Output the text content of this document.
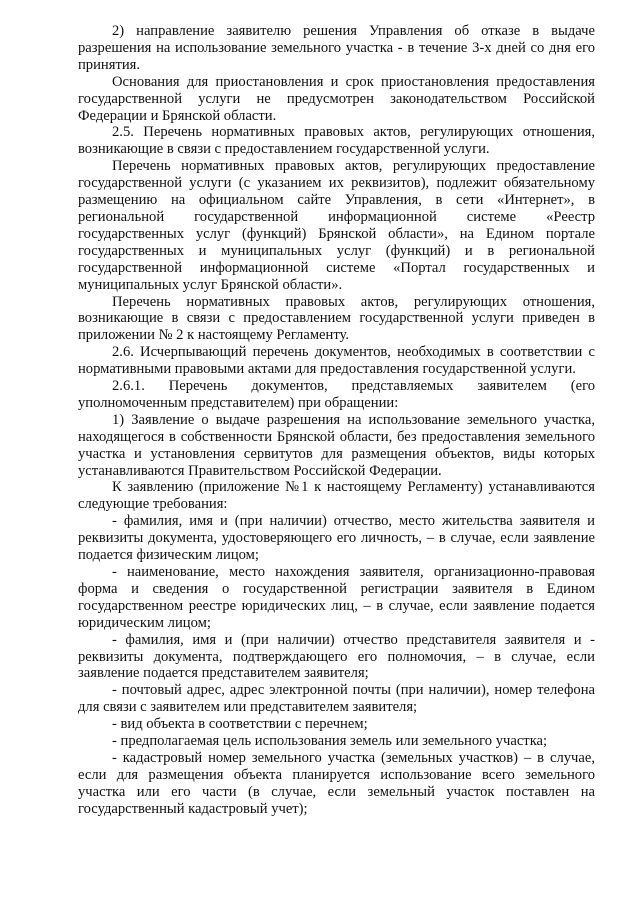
2) направление заявителю решения Управления об отказе в выдаче разрешения на использование земельного участка - в течение 3-х дней со дня его принятия.

Основания для приостановления и срок приостановления предоставления государственной услуги не предусмотрен законодательством Российской Федерации и Брянской области.

2.5. Перечень нормативных правовых актов, регулирующих отношения, возникающие в связи с предоставлением государственной услуги.

Перечень нормативных правовых актов, регулирующих предоставление государственной услуги (с указанием их реквизитов), подлежит обязательному размещению на официальном сайте Управления, в сети «Интернет», в региональной государственной информационной системе «Реестр государственных услуг (функций) Брянской области», на Едином портале государственных и муниципальных услуг (функций) и в региональной государственной информационной системе «Портал государственных и муниципальных услуг Брянской области».

Перечень нормативных правовых актов, регулирующих отношения, возникающие в связи с предоставлением государственной услуги приведен в приложении № 2 к настоящему Регламенту.

2.6. Исчерпывающий перечень документов, необходимых в соответствии с нормативными правовыми актами для предоставления государственной услуги.

2.6.1. Перечень документов, представляемых заявителем (его уполномоченным представителем) при обращении:

1) Заявление о выдаче разрешения на использование земельного участка, находящегося в собственности Брянской области, без предоставления земельного участка и установления сервитутов для размещения объектов, виды которых устанавливаются Правительством Российской Федерации.

К заявлению (приложение №1 к настоящему Регламенту) устанавливаются следующие требования:

- фамилия, имя и (при наличии) отчество, место жительства заявителя и реквизиты документа, удостоверяющего его личность, – в случае, если заявление подается физическим лицом;

- наименование, место нахождения заявителя, организационно-правовая форма и сведения о государственной регистрации заявителя в Едином государственном реестре юридических лиц, – в случае, если заявление подается юридическим лицом;

- фамилия, имя и (при наличии) отчество представителя заявителя и - реквизиты документа, подтверждающего его полномочия, – в случае, если заявление подается представителем заявителя;

- почтовый адрес, адрес электронной почты (при наличии), номер телефона для связи с заявителем или представителем заявителя;

- вид объекта в соответствии с перечнем;

- предполагаемая цель использования земель или земельного участка;

- кадастровый номер земельного участка (земельных участков) – в случае, если для размещения объекта планируется использование всего земельного участка или его части (в случае, если земельный участок поставлен на государственный кадастровый учет);
